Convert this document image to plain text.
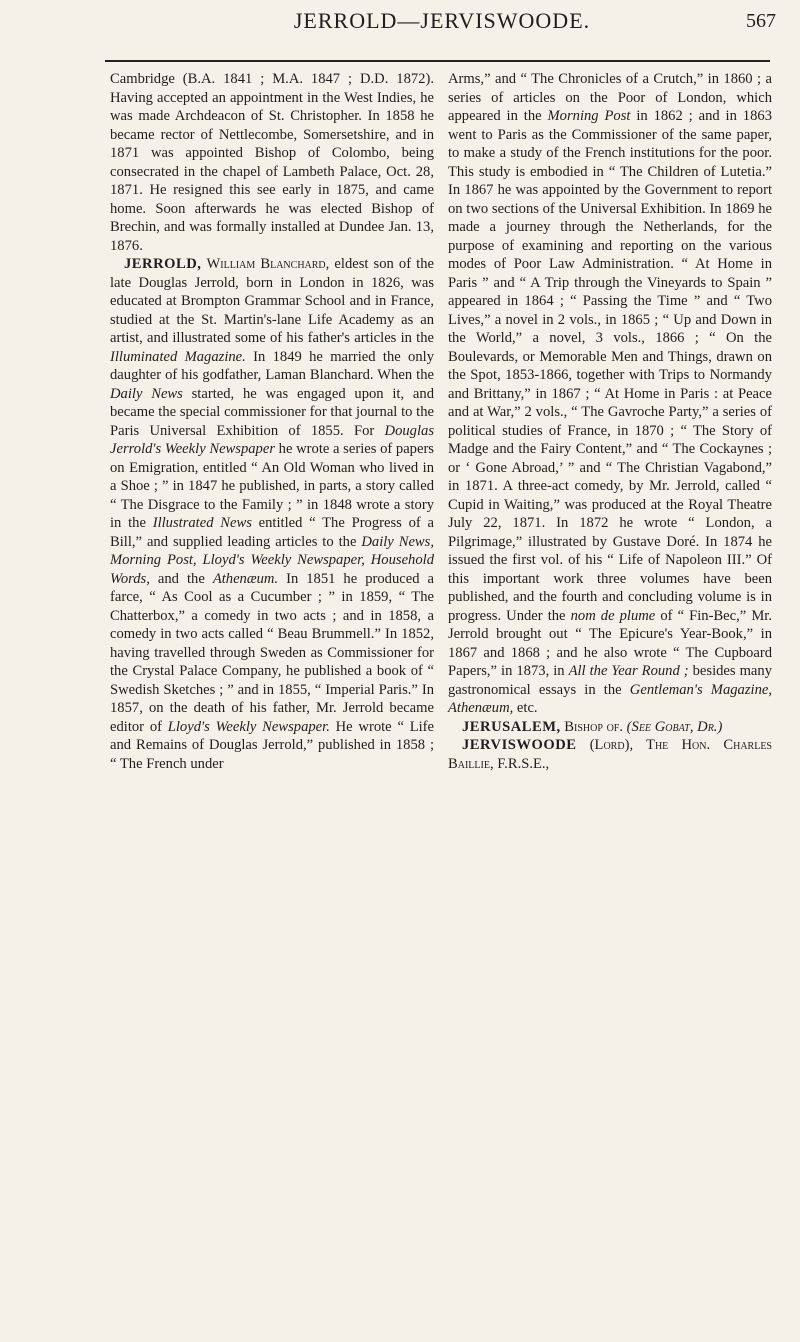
JERROLD—JERVISWOODE.	567

Cambridge (B.A. 1841 ; M.A. 1847 ; D.D. 1872). Having accepted an appointment in the West Indies, he was made Archdeacon of St. Christopher. In 1858 he became rector of Nettlecombe, Somersetshire, and in 1871 was appointed Bishop of Colombo, being consecrated in the chapel of Lambeth Palace, Oct. 28, 1871. He resigned this see early in 1875, and came home. Soon afterwards he was elected Bishop of Brechin, and was formally installed at Dundee Jan. 13, 1876.

JERROLD, William Blanchard, eldest son of the late Douglas Jerrold, born in London in 1826, was educated at Brompton Grammar School and in France, studied at the St. Martin's-lane Life Academy as an artist, and illustrated some of his father's articles in the Illuminated Magazine. In 1849 he married the only daughter of his godfather, Laman Blanchard. When the Daily News started, he was engaged upon it, and became the special commissioner for that journal to the Paris Universal Exhibition of 1855. For Douglas Jerrold's Weekly Newspaper he wrote a series of papers on Emigration, entitled “ An Old Woman who lived in a Shoe ; ” in 1847 he published, in parts, a story called “ The Disgrace to the Family ; ” in 1848 wrote a story in the Illustrated News entitled “ The Progress of a Bill,” and supplied leading articles to the Daily News, Morning Post, Lloyd's Weekly Newspaper, Household Words, and the Athenæum. In 1851 he produced a farce, “ As Cool as a Cucumber ; ” in 1859, “ The Chatterbox,” a comedy in two acts ; and in 1858, a comedy in two acts called “ Beau Brummell.” In 1852, having travelled through Sweden as Commissioner for the Crystal Palace Company, he published a book of “ Swedish Sketches ; ” and in 1855, “ Imperial Paris.” In 1857, on the death of his father, Mr. Jerrold became editor of Lloyd's Weekly Newspaper. He wrote “ Life and Remains of Douglas Jerrold,” published in 1858 ; “ The French under

Arms,” and “ The Chronicles of a Crutch,” in 1860 ; a series of articles on the Poor of London, which appeared in the Morning Post in 1862 ; and in 1863 went to Paris as the Commissioner of the same paper, to make a study of the French institutions for the poor. This study is embodied in “ The Children of Lutetia.” In 1867 he was appointed by the Government to report on two sections of the Universal Exhibition. In 1869 he made a journey through the Netherlands, for the purpose of examining and reporting on the various modes of Poor Law Administration. “ At Home in Paris ” and “ A Trip through the Vineyards to Spain ” appeared in 1864 ; “ Passing the Time ” and “ Two Lives,” a novel in 2 vols., in 1865 ; “ Up and Down in the World,” a novel, 3 vols., 1866 ; “ On the Boulevards, or Memorable Men and Things, drawn on the Spot, 1853-1866, together with Trips to Normandy and Brittany,” in 1867 ; “ At Home in Paris : at Peace and at War,” 2 vols., “ The Gavroche Party,” a series of political studies of France, in 1870 ; “ The Story of Madge and the Fairy Content,” and “ The Cockaynes ; or ‘ Gone Abroad,’ ” and “ The Christian Vagabond,” in 1871. A three-act comedy, by Mr. Jerrold, called “ Cupid in Waiting,” was produced at the Royal Theatre July 22, 1871. In 1872 he wrote “ London, a Pilgrimage,” illustrated by Gustave Doré. In 1874 he issued the first vol. of his “ Life of Napoleon III.” Of this important work three volumes have been published, and the fourth and concluding volume is in progress. Under the nom de plume of “ Fin-Bec,” Mr. Jerrold brought out “ The Epicure's Year-Book,” in 1867 and 1868 ; and he also wrote “ The Cupboard Papers,” in 1873, in All the Year Round ; besides many gastronomical essays in the Gentleman's Magazine, Athenæum, etc.

JERUSALEM, Bishop of. (See Gobat, Dr.)

JERVISWOODE (Lord), The Hon. Charles Baillie, F.R.S.E.,
